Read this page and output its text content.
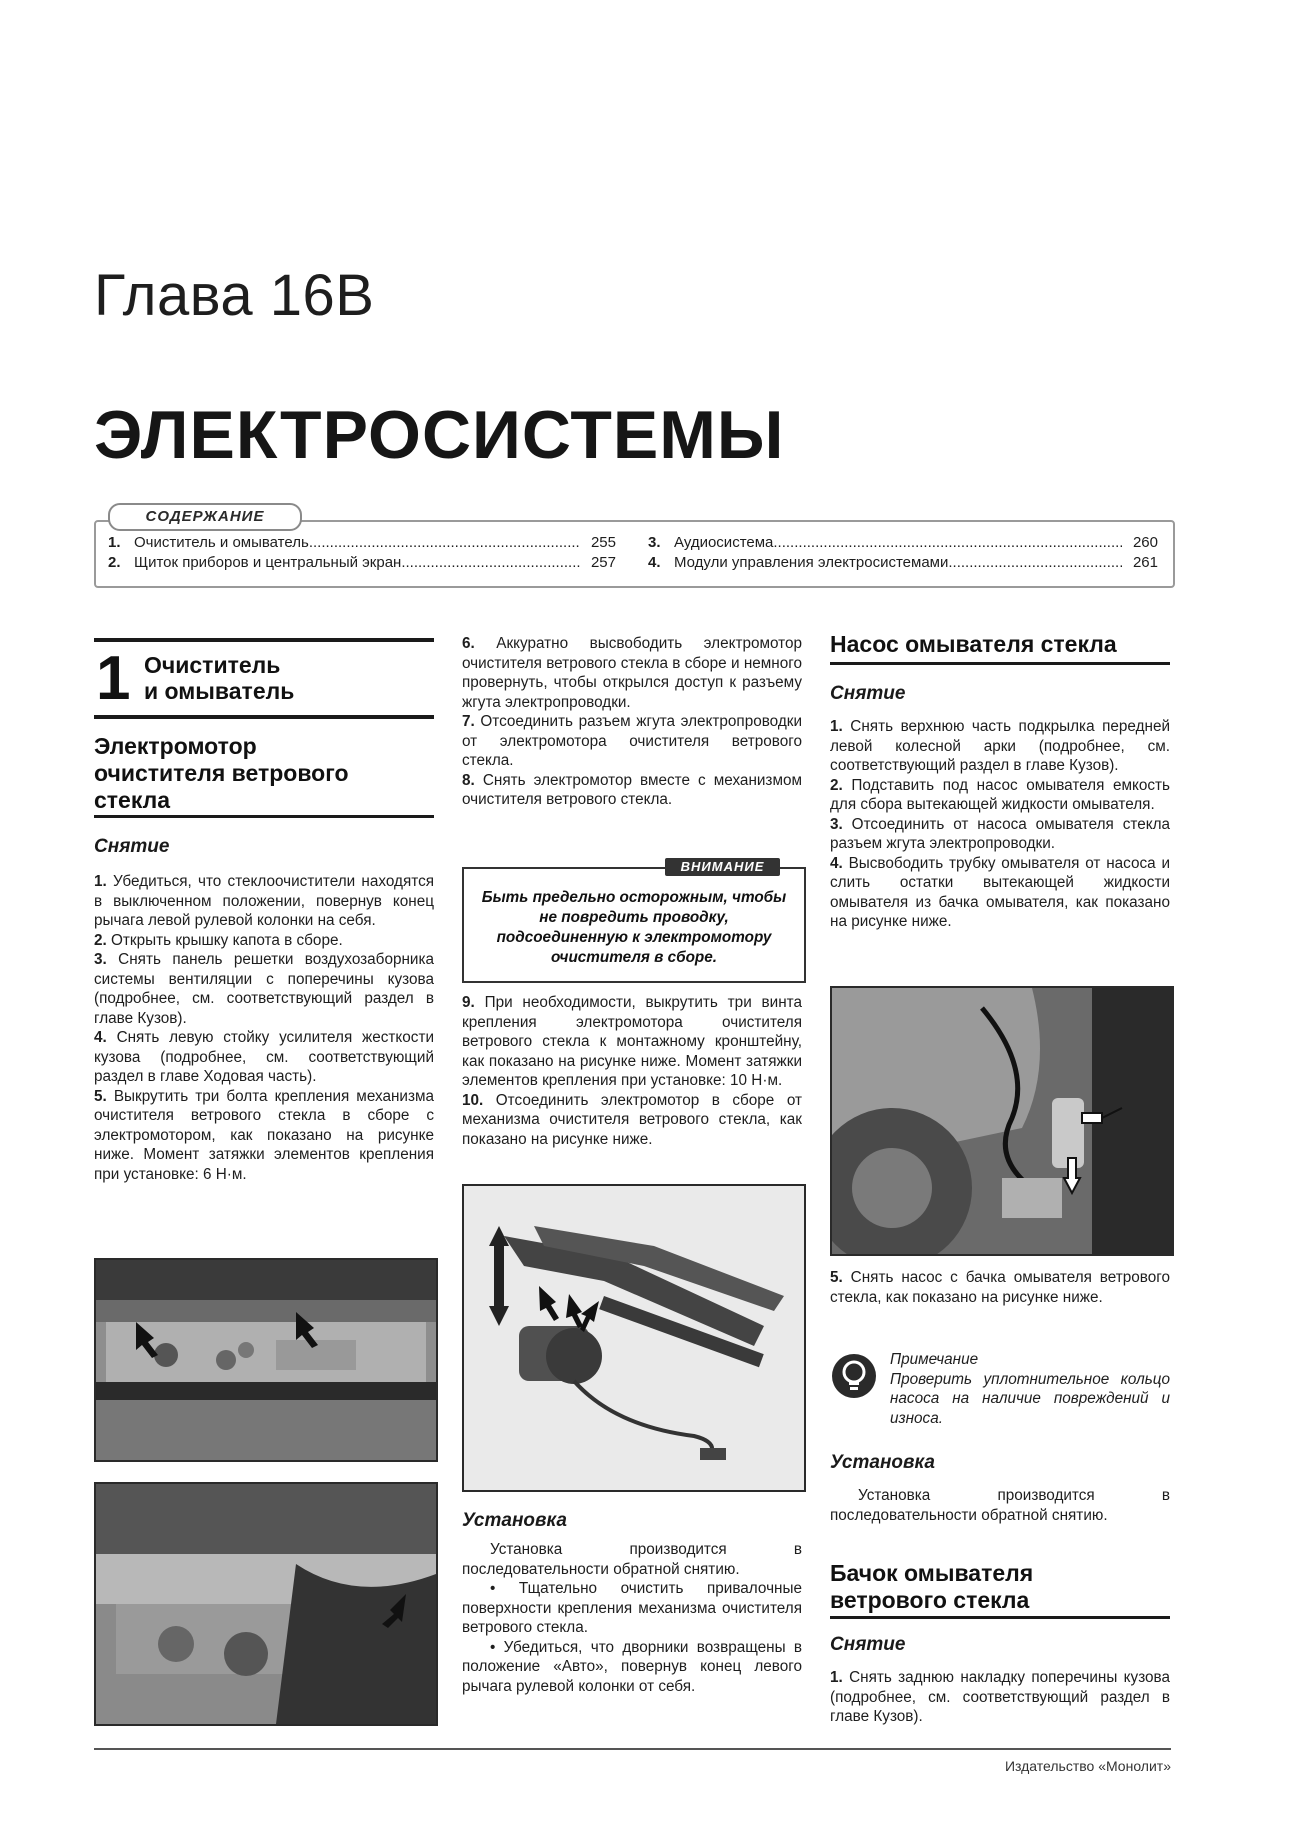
Глава 16B
ЭЛЕКТРОСИСТЕМЫ
СОДЕРЖАНИЕ
1. Очиститель и омыватель .....	255
2. Щиток приборов и центральный экран .....	257
3. Аудиосистема .....	260
4. Модули управления электросистемами .....	261
1 Очиститель
и омыватель
Электромотор
очистителя ветрового
стекла
Снятие

1. Убедиться, что стеклоочистители находятся в выключенном положении, повернув конец рычага левой рулевой колонки на себя.

2. Открыть крышку капота в сборе.

3. Снять панель решетки воздухозаборника системы вентиляции с поперечины кузова (подробнее, см. соответствующий раздел в главе Кузов).

4. Снять левую стойку усилителя жесткости кузова (подробнее, см. соответствующий раздел в главе Ходовая часть).

5. Выкрутить три болта крепления механизма очистителя ветрового стекла в сборе с электромотором, как показано на рисунке ниже. Момент затяжки элементов крепления при установке: 6 Н·м.

6. Аккуратно высвободить электромотор очистителя ветрового стекла в сборе и немного провернуть, чтобы открылся доступ к разъему жгута электропроводки.

7. Отсоединить разъем жгута электропроводки от электромотора очистителя ветрового стекла.

8. Снять электромотор вместе с механизмом очистителя ветрового стекла.

ВНИМАНИЕ
Быть предельно осторожным, чтобы не повредить проводку, подсоединенную к электромотору очистителя в сборе.

9. При необходимости, выкрутить три винта крепления электромотора очистителя ветрового стекла к монтажному кронштейну, как показано на рисунке ниже. Момент затяжки элементов крепления при установке: 10 Н·м.

10. Отсоединить электромотор в сборе от механизма очистителя ветрового стекла, как показано на рисунке ниже.

Установка

Установка производится в последовательности обратной снятию.

• Тщательно очистить привалочные поверхности крепления механизма очистителя ветрового стекла.

• Убедиться, что дворники возвращены в положение «Авто», повернув конец левого рычага рулевой колонки от себя.

Насос омывателя стекла
Снятие

1. Снять верхнюю часть подкрылка передней левой колесной арки (подробнее, см. соответствующий раздел в главе Кузов).

2. Подставить под насос омывателя емкость для сбора вытекающей жидкости омывателя.

3. Отсоединить от насоса омывателя стекла разъем жгута электропроводки.

4. Высвободить трубку омывателя от насоса и слить остатки вытекающей жидкости омывателя из бачка омывателя, как показано на рисунке ниже.

5. Снять насос с бачка омывателя ветрового стекла, как показано на рисунке ниже.

Примечание
Проверить уплотнительное кольцо насоса на наличие повреждений и износа.
Установка

Установка производится в последовательности обратной снятию.

Бачок омывателя
ветрового стекла
Снятие

1. Снять заднюю накладку поперечины кузова (подробнее, см. соответствующий раздел в главе Кузов).

Издательство «Монолит»
